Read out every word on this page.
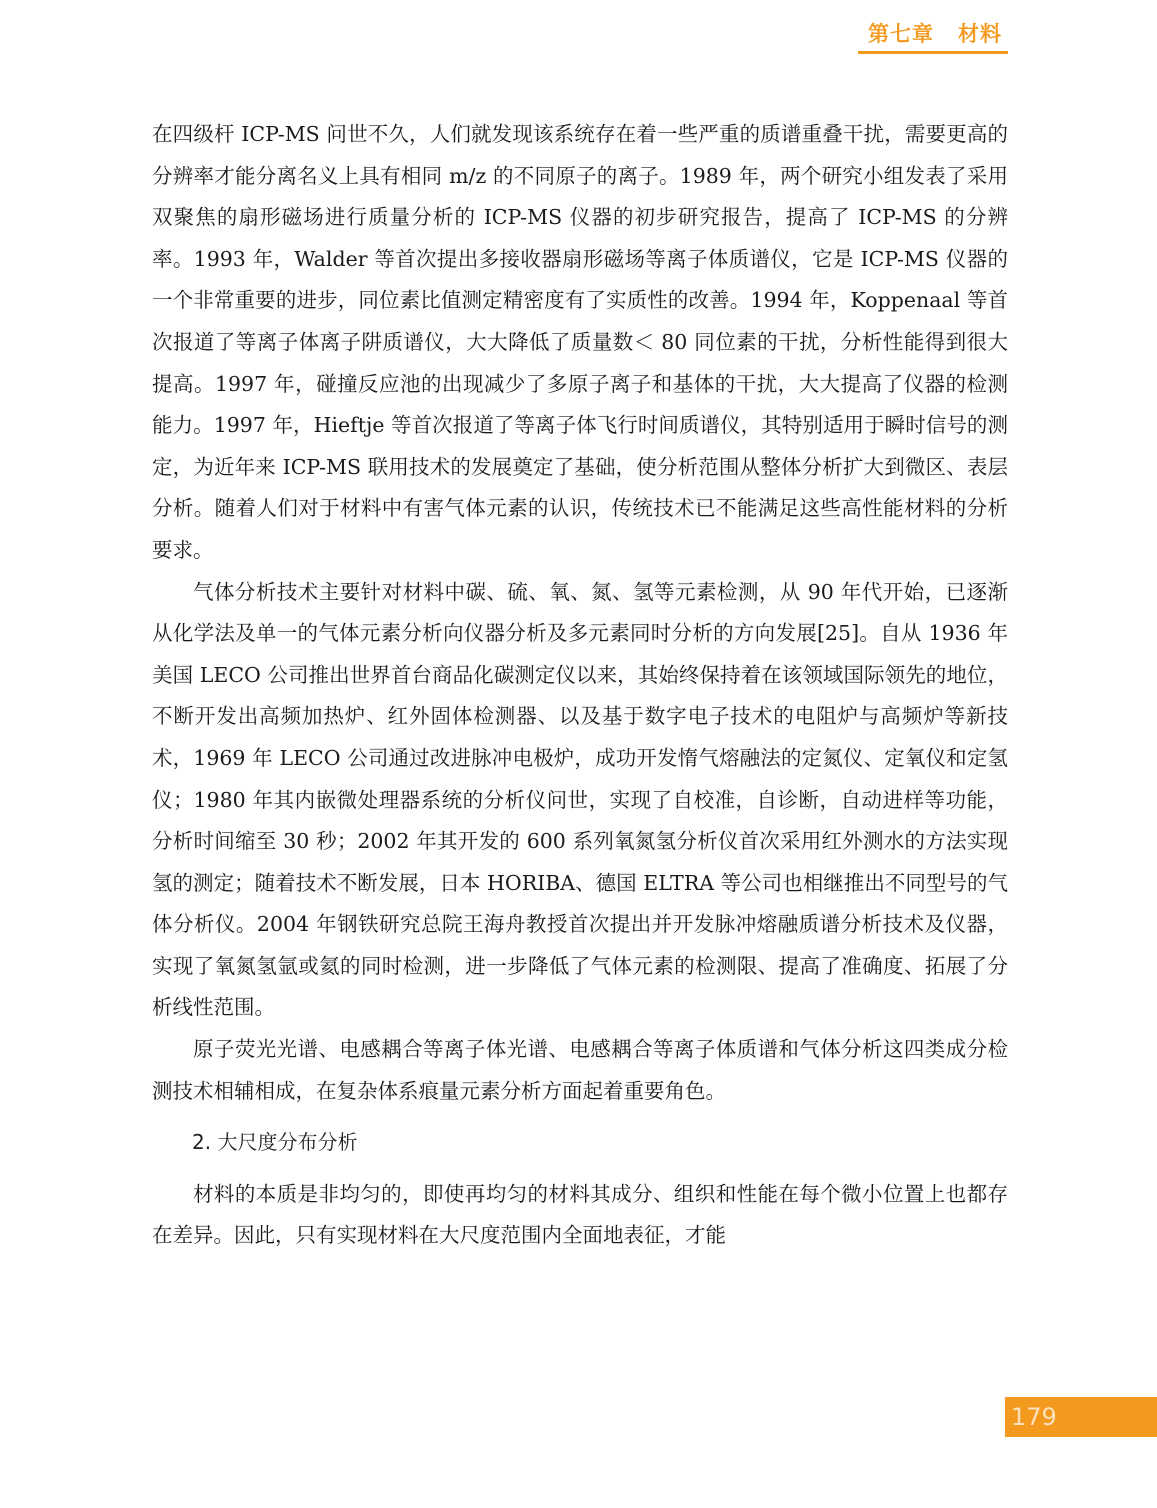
第七章 材料

在四级杆 ICP-MS 问世不久，人们就发现该系统存在着一些严重的质谱重叠干扰，需要更高的分辨率才能分离名义上具有相同 m/z 的不同原子的离子。1989 年，两个研究小组发表了采用双聚焦的扇形磁场进行质量分析的 ICP-MS 仪器的初步研究报告，提高了 ICP-MS 的分辨率。1993 年，Walder 等首次提出多接收器扇形磁场等离子体质谱仪，它是 ICP-MS 仪器的一个非常重要的进步，同位素比值测定精密度有了实质性的改善。1994 年，Koppenaal 等首次报道了等离子体离子阱质谱仪，大大降低了质量数＜ 80 同位素的干扰，分析性能得到很大提高。1997 年，碰撞反应池的出现减少了多原子离子和基体的干扰，大大提高了仪器的检测能力。1997 年，Hieftje 等首次报道了等离子体飞行时间质谱仪，其特别适用于瞬时信号的测定，为近年来 ICP-MS 联用技术的发展奠定了基础，使分析范围从整体分析扩大到微区、表层分析。随着人们对于材料中有害气体元素的认识，传统技术已不能满足这些高性能材料的分析要求。

气体分析技术主要针对材料中碳、硫、氧、氮、氢等元素检测，从 90 年代开始，已逐渐从化学法及单一的气体元素分析向仪器分析及多元素同时分析的方向发展[25]。自从 1936 年美国 LECO 公司推出世界首台商品化碳测定仪以来，其始终保持着在该领域国际领先的地位，不断开发出高频加热炉、红外固体检测器、以及基于数字电子技术的电阻炉与高频炉等新技术，1969 年 LECO 公司通过改进脉冲电极炉，成功开发惰气熔融法的定氮仪、定氧仪和定氢仪；1980 年其内嵌微处理器系统的分析仪问世，实现了自校准，自诊断，自动进样等功能，分析时间缩至 30 秒；2002 年其开发的 600 系列氧氮氢分析仪首次采用红外测水的方法实现氢的测定；随着技术不断发展，日本 HORIBA、德国 ELTRA 等公司也相继推出不同型号的气体分析仪。2004 年钢铁研究总院王海舟教授首次提出并开发脉冲熔融质谱分析技术及仪器，实现了氧氮氢氩或氦的同时检测，进一步降低了气体元素的检测限、提高了准确度、拓展了分析线性范围。

原子荧光光谱、电感耦合等离子体光谱、电感耦合等离子体质谱和气体分析这四类成分检测技术相辅相成，在复杂体系痕量元素分析方面起着重要角色。

2. 大尺度分布分析

材料的本质是非均匀的，即使再均匀的材料其成分、组织和性能在每个微小位置上也都存在差异。因此，只有实现材料在大尺度范围内全面地表征，才能

179
